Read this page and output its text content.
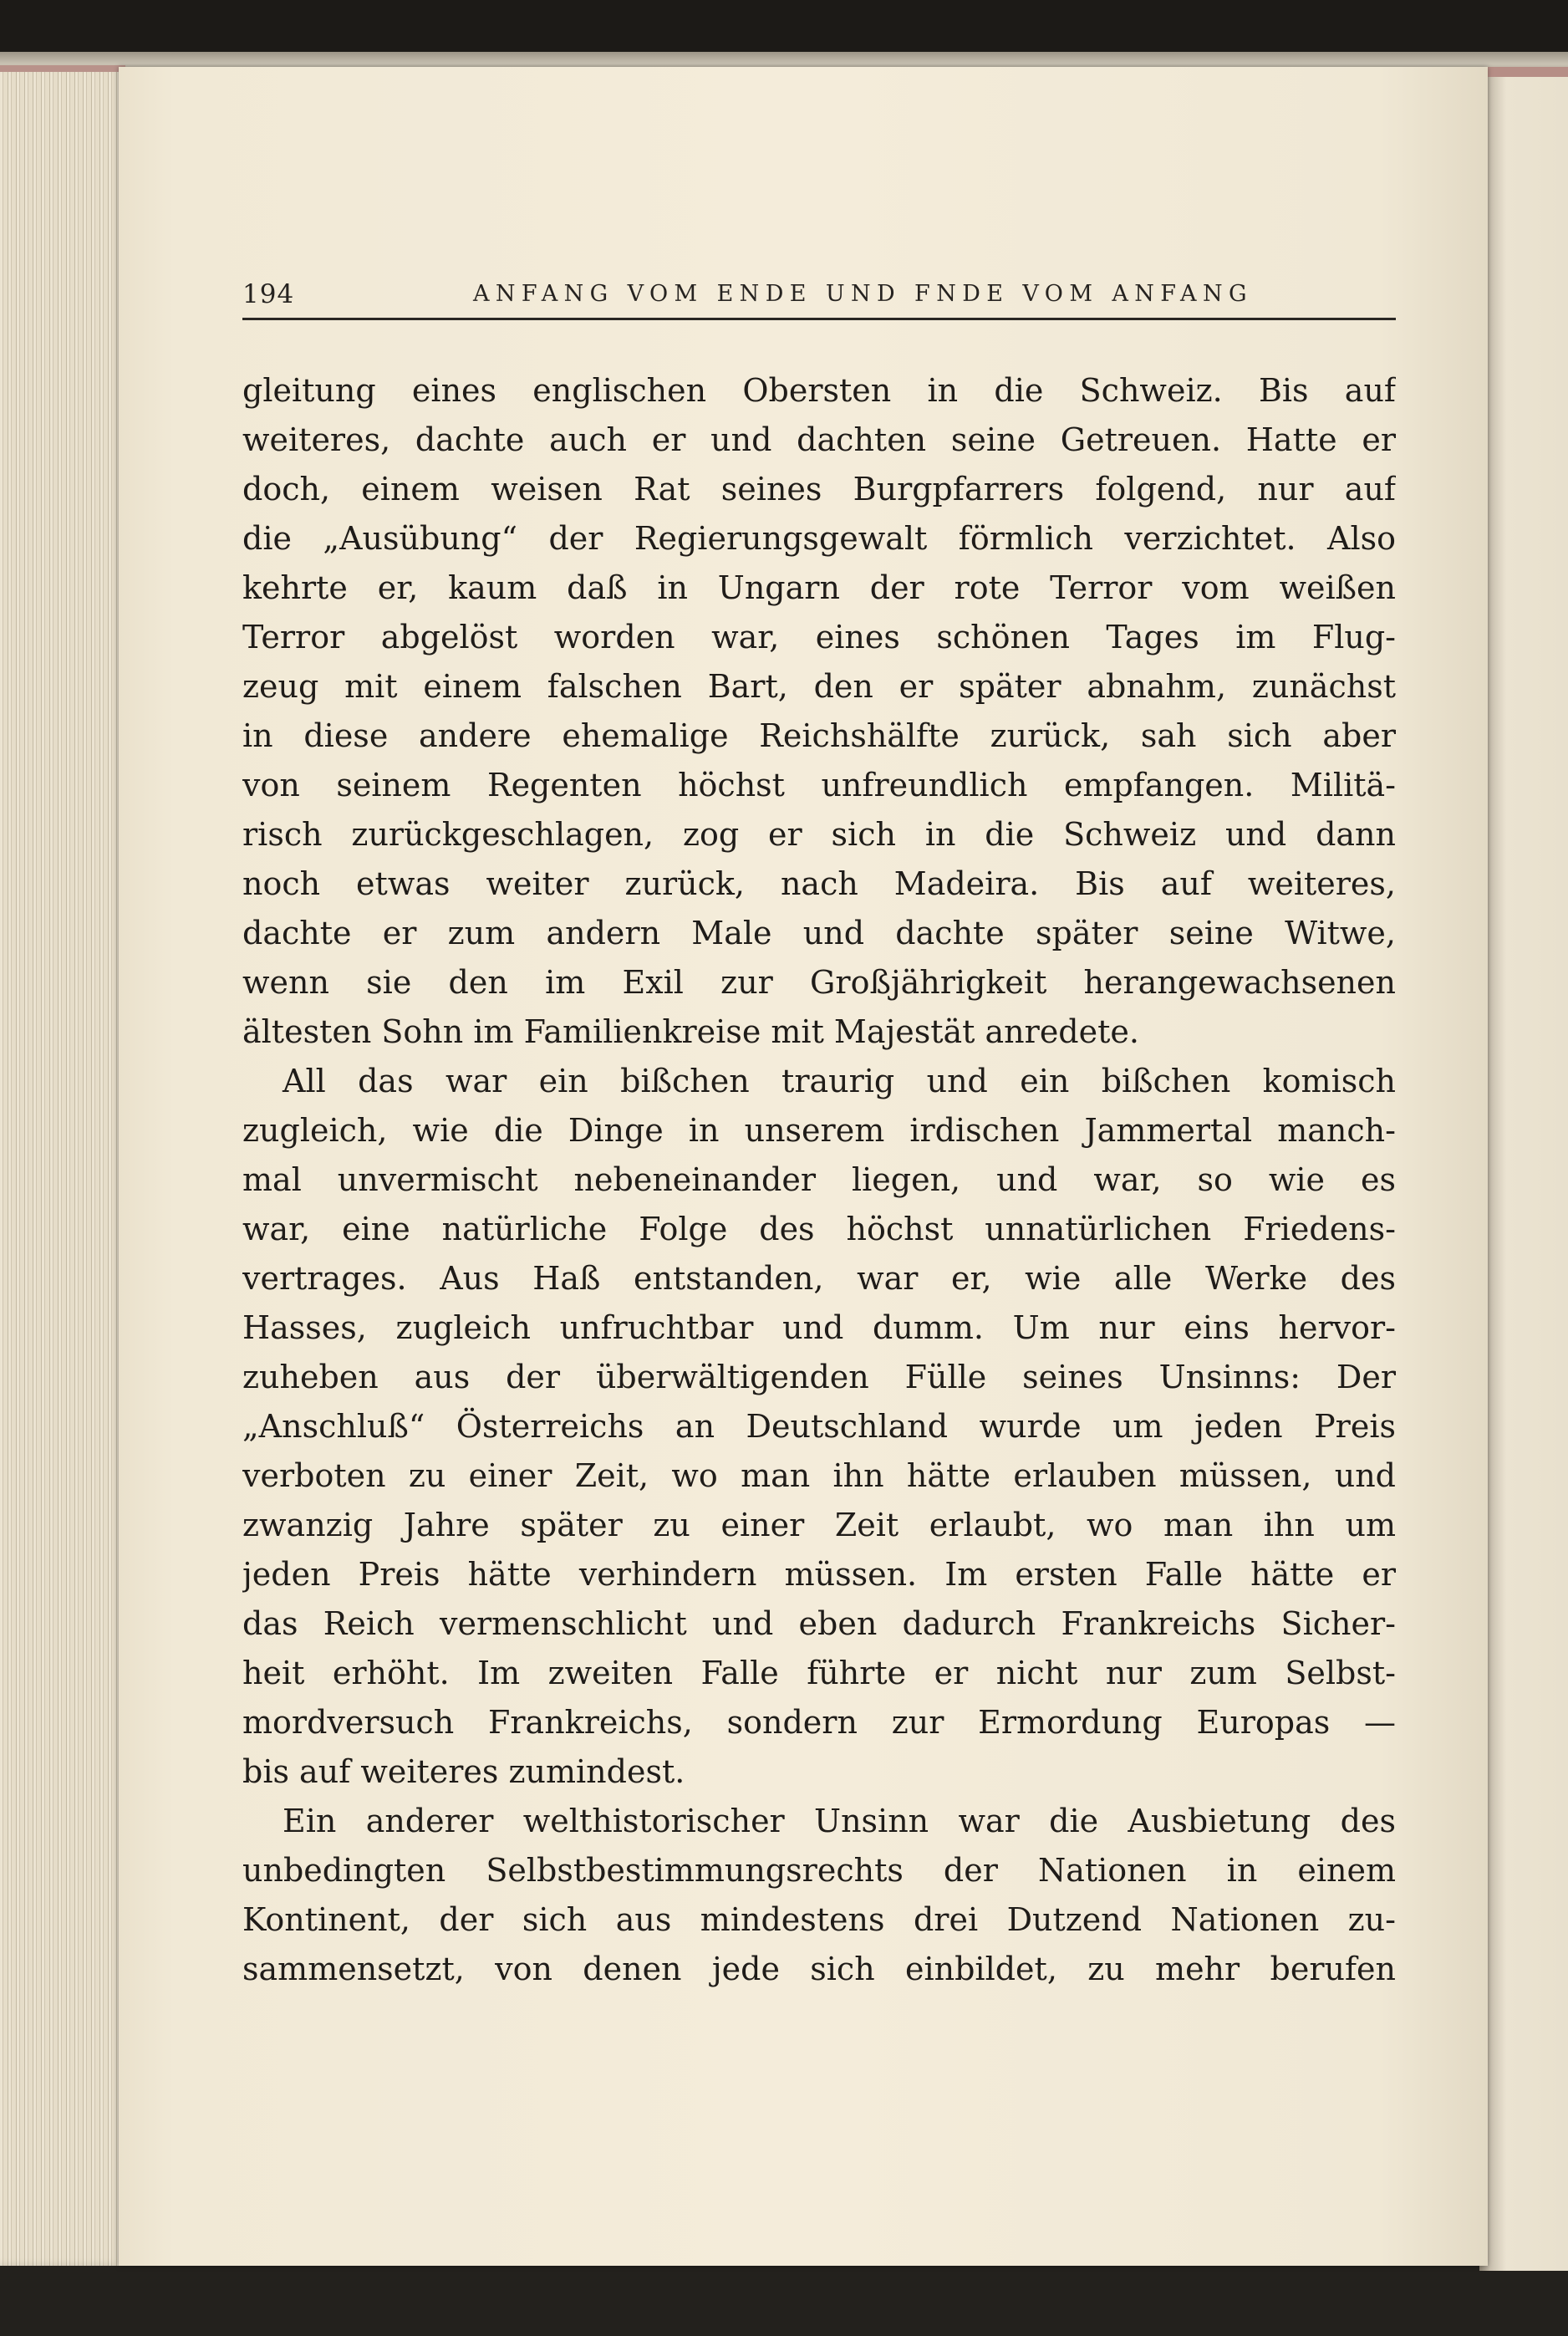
194	ANFANG VOM ENDE UND FNDE VOM ANFANG
gleitung eines englischen Obersten in die Schweiz. Bis auf
weiteres, dachte auch er und dachten seine Getreuen. Hatte er
doch, einem weisen Rat seines Burgpfarrers folgend, nur auf
die „Ausübung“ der Regierungsgewalt förmlich verzichtet. Also
kehrte er, kaum daß in Ungarn der rote Terror vom weißen
Terror abgelöst worden war, eines schönen Tages im Flug-
zeug mit einem falschen Bart, den er später abnahm, zunächst
in diese andere ehemalige Reichshälfte zurück, sah sich aber
von seinem Regenten höchst unfreundlich empfangen. Militä-
risch zurückgeschlagen, zog er sich in die Schweiz und dann
noch etwas weiter zurück, nach Madeira. Bis auf weiteres,
dachte er zum andern Male und dachte später seine Witwe,
wenn sie den im Exil zur Großjährigkeit herangewachsenen
ältesten Sohn im Familienkreise mit Majestät anredete.
All das war ein bißchen traurig und ein bißchen komisch
zugleich, wie die Dinge in unserem irdischen Jammertal manch-
mal unvermischt nebeneinander liegen, und war, so wie es
war, eine natürliche Folge des höchst unnatürlichen Friedens-
vertrages. Aus Haß entstanden, war er, wie alle Werke des
Hasses, zugleich unfruchtbar und dumm. Um nur eins hervor-
zuheben aus der überwältigenden Fülle seines Unsinns: Der
„Anschluß“ Österreichs an Deutschland wurde um jeden Preis
verboten zu einer Zeit, wo man ihn hätte erlauben müssen, und
zwanzig Jahre später zu einer Zeit erlaubt, wo man ihn um
jeden Preis hätte verhindern müssen. Im ersten Falle hätte er
das Reich vermenschlicht und eben dadurch Frankreichs Sicher-
heit erhöht. Im zweiten Falle führte er nicht nur zum Selbst-
mordversuch Frankreichs, sondern zur Ermordung Europas —
bis auf weiteres zumindest.
Ein anderer welthistorischer Unsinn war die Ausbietung des
unbedingten Selbstbestimmungsrechts der Nationen in einem
Kontinent, der sich aus mindestens drei Dutzend Nationen zu-
sammensetzt, von denen jede sich einbildet, zu mehr berufen
